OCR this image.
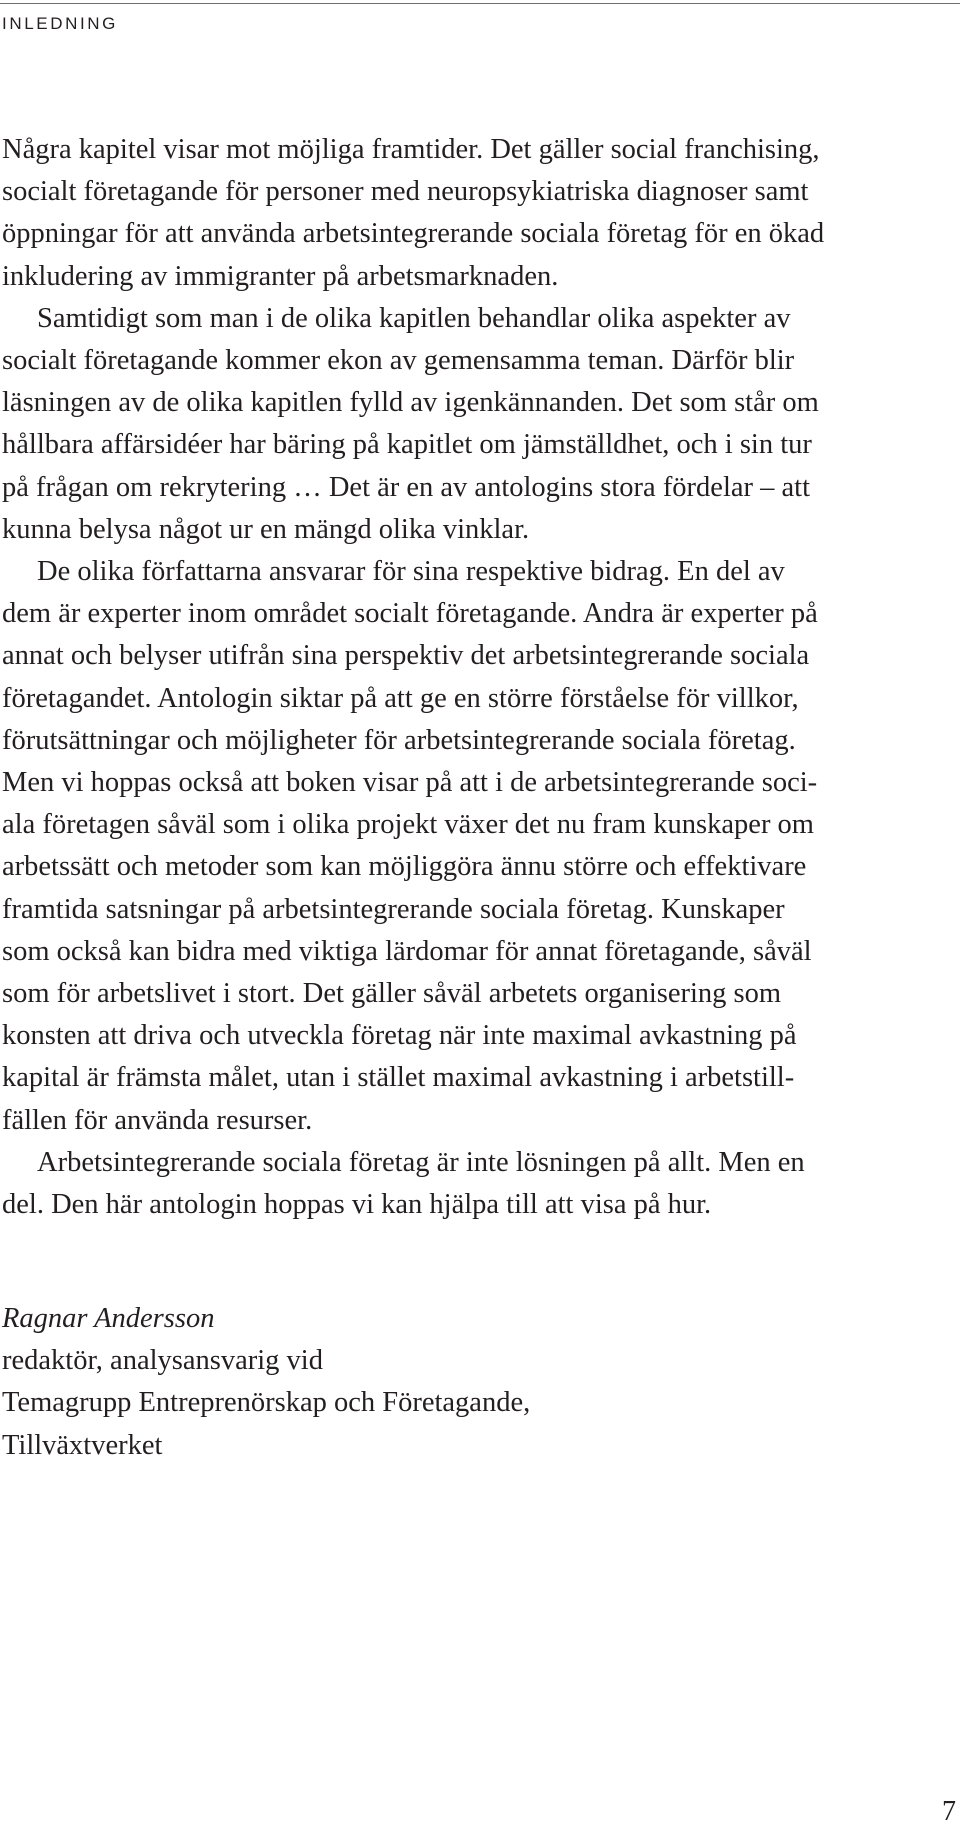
INLEDNING
Några kapitel visar mot möjliga framtider. Det gäller social franchising,
socialt företagande för personer med neuropsykiatriska diagnoser samt
öppningar för att använda arbetsintegrerande sociala företag för en ökad
inkludering av immigranter på arbetsmarknaden.
Samtidigt som man i de olika kapitlen behandlar olika aspekter av
socialt företagande kommer ekon av gemensamma teman. Därför blir
läsningen av de olika kapitlen fylld av igenkännanden. Det som står om
hållbara affärsidéer har bäring på kapitlet om jämställdhet, och i sin tur
på frågan om rekrytering … Det är en av antologins stora fördelar – att
kunna belysa något ur en mängd olika vinklar.
De olika författarna ansvarar för sina respektive bidrag. En del av
dem är experter inom området socialt företagande. Andra är experter på
annat och belyser utifrån sina perspektiv det arbetsintegrerande sociala
företagandet. Antologin siktar på att ge en större förståelse för villkor,
förutsättningar och möjligheter för arbetsintegrerande sociala företag.
Men vi hoppas också att boken visar på att i de arbetsintegrerande soci-
ala företagen såväl som i olika projekt växer det nu fram kunskaper om
arbetssätt och metoder som kan möjliggöra ännu större och effektivare
framtida satsningar på arbetsintegrerande sociala företag. Kunskaper
som också kan bidra med viktiga lärdomar för annat företagande, såväl
som för arbetslivet i stort. Det gäller såväl arbetets organisering som
konsten att driva och utveckla företag när inte maximal avkastning på
kapital är främsta målet, utan i stället maximal avkastning i arbetstill-
fällen för använda resurser.
Arbetsintegrerande sociala företag är inte lösningen på allt. Men en
del. Den här antologin hoppas vi kan hjälpa till att visa på hur.
Ragnar Andersson
redaktör, analysansvarig vid
Temagrupp Entreprenörskap och Företagande,
Tillväxtverket
7
